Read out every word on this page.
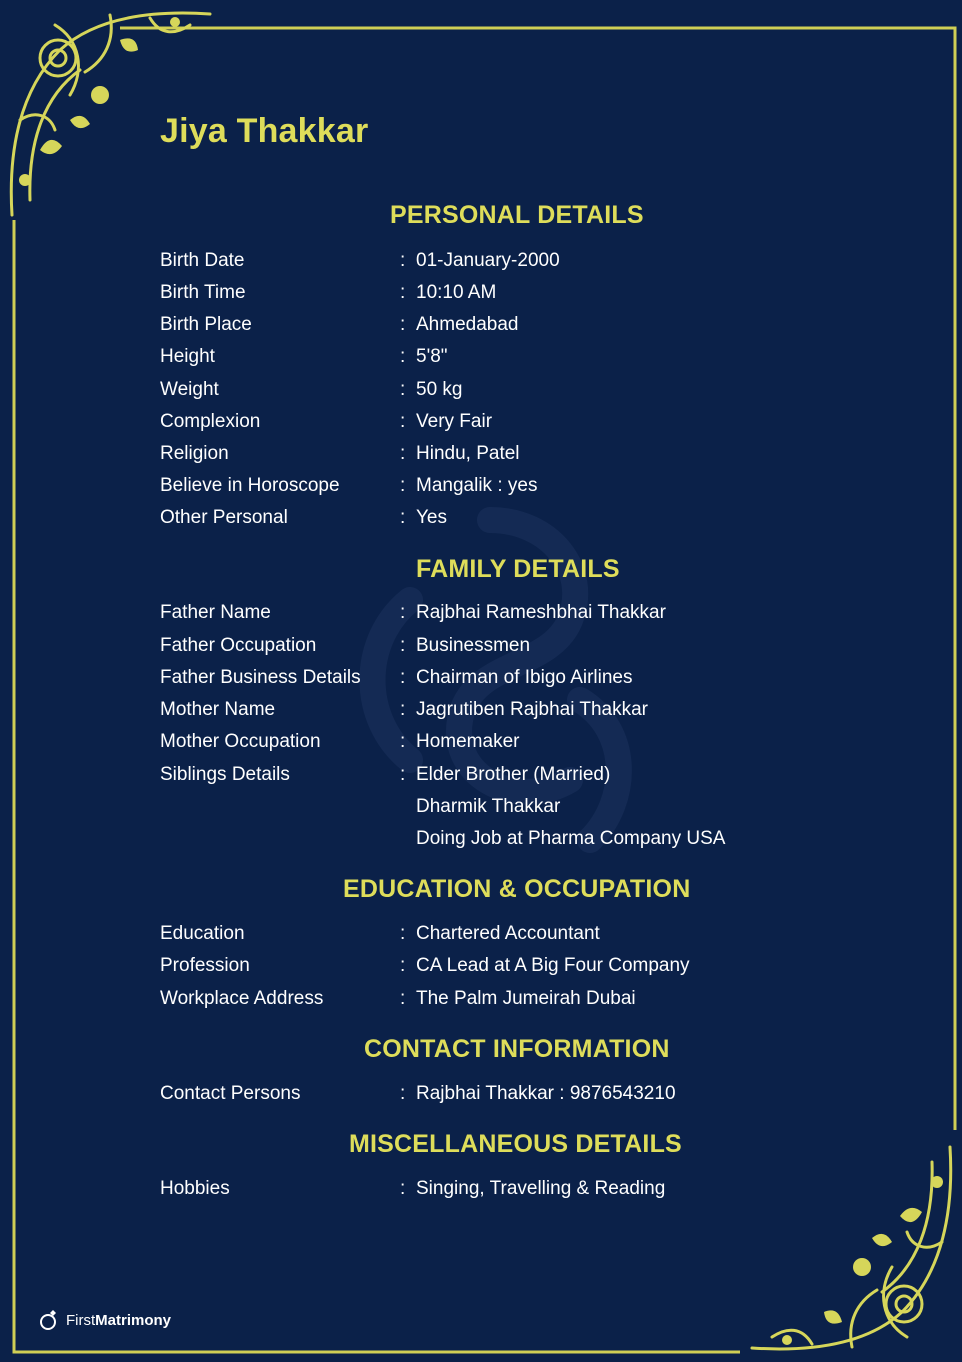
Jiya Thakkar
PERSONAL DETAILS
Birth Date	: 01-January-2000
Birth Time	: 10:10 AM
Birth Place	: Ahmedabad
Height	: 5'8"
Weight	: 50 kg
Complexion	: Very Fair
Religion	: Hindu, Patel
Believe in Horoscope	: Mangalik : yes
Other Personal	: Yes
FAMILY DETAILS
Father Name	: Rajbhai Rameshbhai Thakkar
Father Occupation	: Businessmen
Father Business Details : Chairman of Ibigo Airlines
Mother Name	: Jagrutiben Rajbhai Thakkar
Mother Occupation	: Homemaker
Siblings Details	: Elder Brother (Married)
Dharmik Thakkar
Doing Job at Pharma Company USA
EDUCATION & OCCUPATION
Education	: Chartered Accountant
Profession	: CA Lead at A Big Four Company
Workplace Address	: The Palm Jumeirah Dubai
CONTACT INFORMATION
Contact Persons	: Rajbhai Thakkar : 9876543210
MISCELLANEOUS DETAILS
Hobbies	: Singing, Travelling & Reading
FirstMatrimony
